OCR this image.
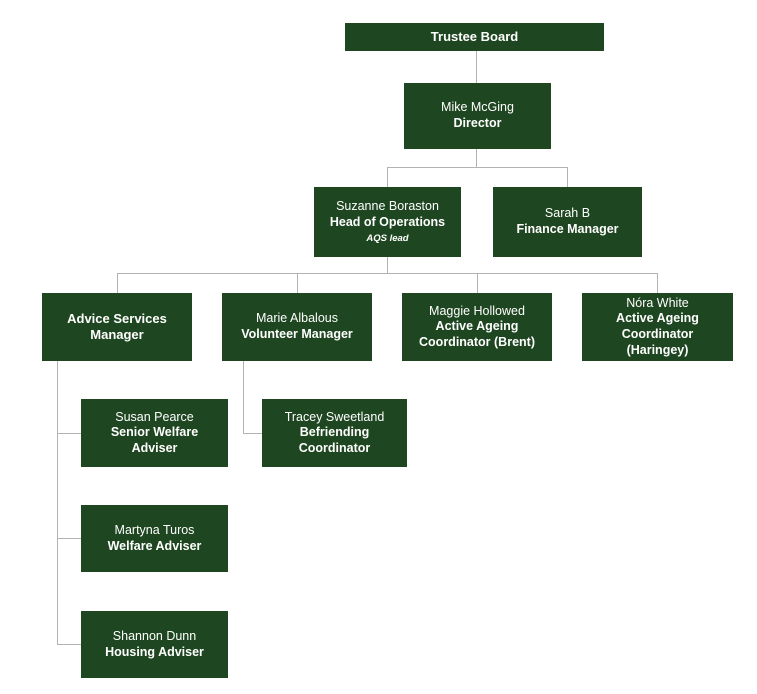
Trustee Board
Mike McGing
Director
Suzanne Boraston
Head of Operations
AQS lead
Sarah B
Finance Manager
Advice Services Manager
Marie Albalous
Volunteer Manager
Maggie Hollowed
Active Ageing Coordinator (Brent)
Nóra White
Active Ageing Coordinator (Haringey)
Susan Pearce
Senior Welfare Adviser
Tracey Sweetland
Befriending Coordinator
Martyna Turos
Welfare Adviser
Shannon Dunn
Housing Adviser
